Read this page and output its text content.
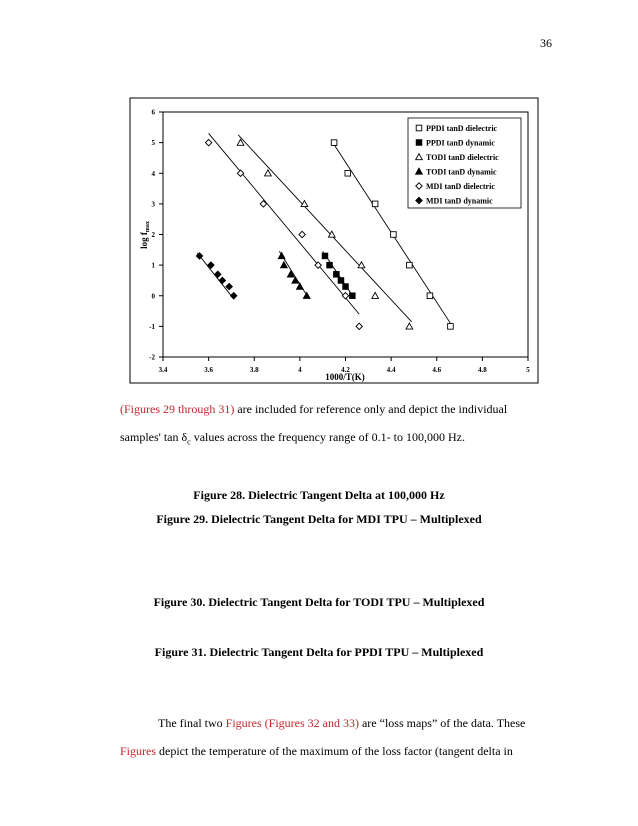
36
3.4	3.6	3.8	4	4.2	4.4	4.6	4.8	5
-2
-1
0
1
2
3
4
5
6
1000/T(K)
$\log f_{max}$
PPDI tanD dielectric
PPDI tanD dynamic
TODI tanD dielectric
TODI tanD dynamic
MDI tanD dielectric
MDI tanD dynamic
(Figures 29 through 31) are included for reference only and depict the individual
samples' $\tan \delta_c$ values across the frequency range of 0.1- to 100,000 Hz.
Figure 28. Dielectric Tangent Delta at 100,000 Hz
Figure 29. Dielectric Tangent Delta for MDI TPU – Multiplexed
Figure 30. Dielectric Tangent Delta for TODI TPU – Multiplexed
Figure 31. Dielectric Tangent Delta for PPDI TPU – Multiplexed
The final two Figures (Figures 32 and 33) are “loss maps” of the data. These
Figures depict the temperature of the maximum of the loss factor (tangent delta in
